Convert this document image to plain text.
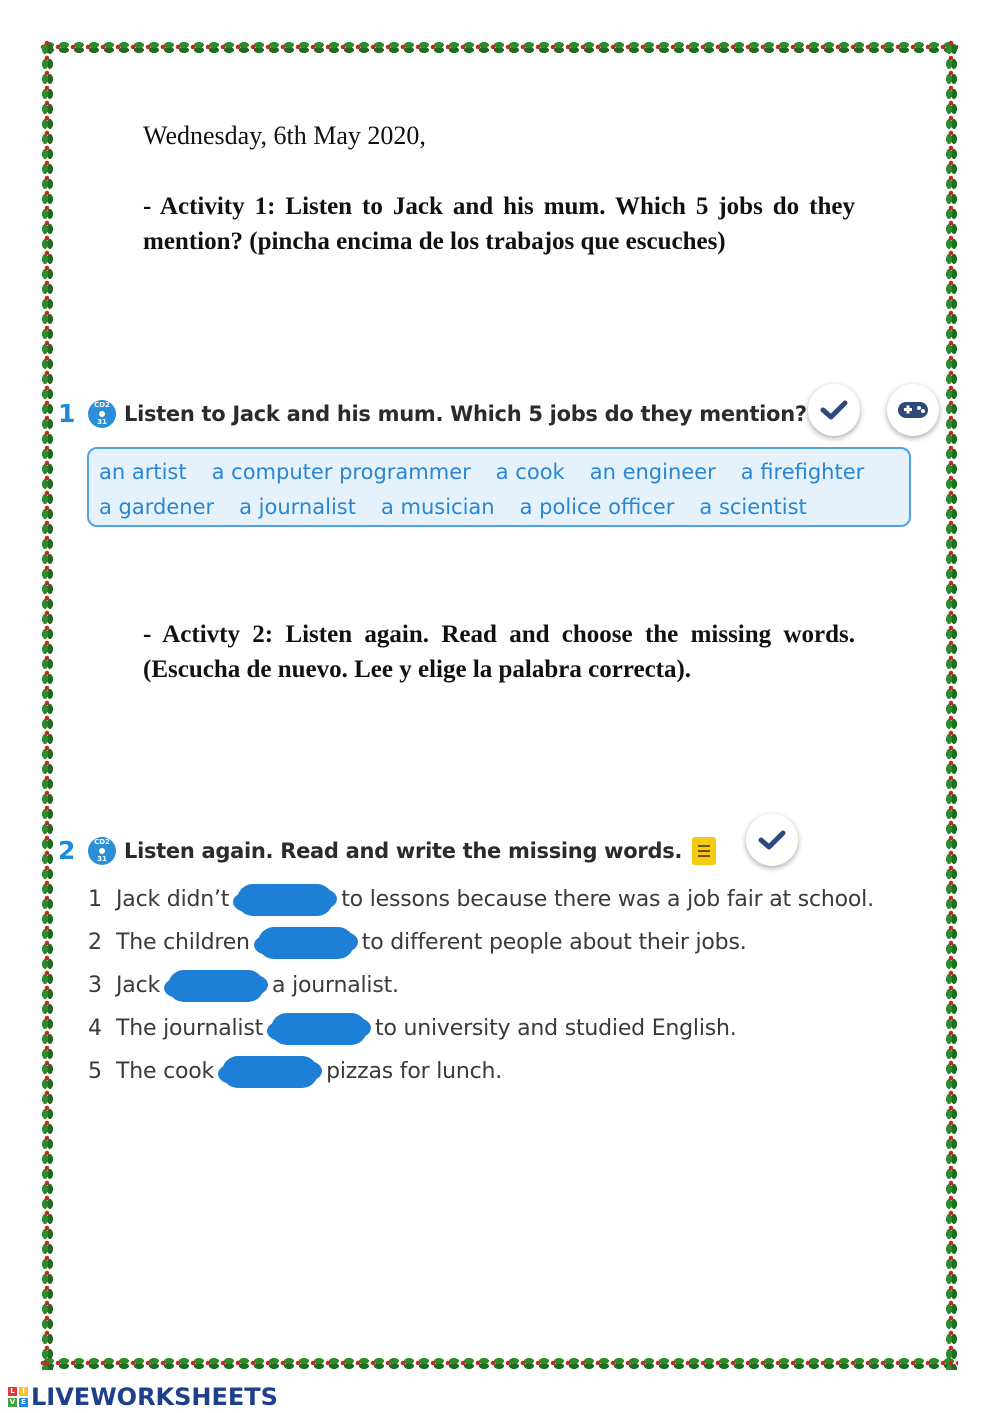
Wednesday, 6th May 2020,
- Activity 1: Listen to Jack and his mum. Which 5 jobs do they mention? (pincha encima de los trabajos que escuches)
1	CD2
31 Listen to Jack and his mum. Which 5 jobs do they mention?
an artist a computer programmer a cook an engineer a firefighter
a gardener a journalist a musician a police officer a scientist
- Activty 2: Listen again. Read and choose the missing words. (Escucha de nuevo. Lee y elige la palabra correcta).
2	CD2
31 Listen again. Read and write the missing words.
1 Jack didn’t	to lessons because there was a job fair at school.
2 The children	to different people about their jobs.
3 Jack	a journalist.
4 The journalist	to university and studied English.
5 The cook	pizzas for lunch.
L	I
V E LIVEWORKSHEETS
